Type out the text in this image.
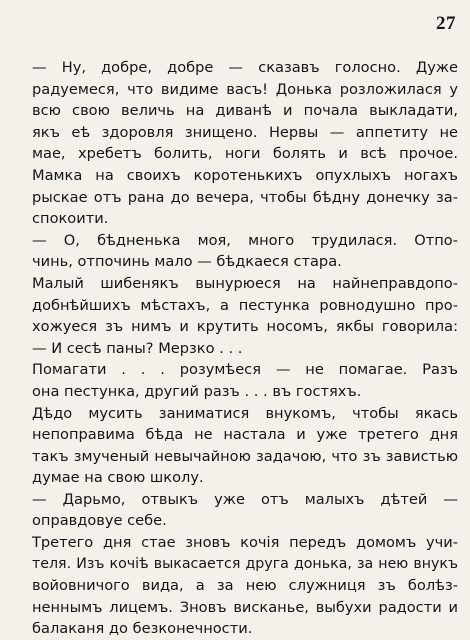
27
— Ну, добре, добре — сказавъ голосно. Дуже
радуемеся, что видиме васъ! Донька розложилася у
всю свою величь на диванѣ и почала выкладати,
якъ еѣ здоровля знищено. Нервы — аппетиту не
мае, хребетъ болить, ноги болять и всѣ прочое.
Мамка на своихъ коротенькихъ опухлыхъ ногахъ
рыскае отъ рана до вечера, чтобы бѣдну донечку за-
спокоити.
— О, бѣдненька моя, много трудилася. Отпо-
чинь, отпочинь мало — бѣдкаеся стара.
Малый шибенякъ вынурюеся на найнеправдопо-
добнѣйшихъ мѣстахъ, а пестунка ровнодушно про-
хожуеся зъ нимъ и крутить носомъ, якбы говорила:
— И сесѣ паны? Мерзко . . .
Помагати . . . розумѣеся — не помагае. Разъ
она пестунка, другий разъ . . . въ гостяхъ.
Дѣдо мусить заниматися внукомъ, чтобы якась
непоправима бѣда не настала и уже третего дня
такъ змученый невычайною задачою, что зъ завистью
думае на свою школу.
— Дарьмо, отвыкъ уже отъ малыхъ дѣтей —
оправдовуе себе.
Третего дня стае зновъ кочія передъ домомъ учи-
теля. Изъ кочіѣ выкасается друга донька, за нею внукъ
войовничого вида, а за нею служниця зъ болѣз-
неннымъ лицемъ. Зновъ висканье, выбухи радости и
балаканя до безконечности.
